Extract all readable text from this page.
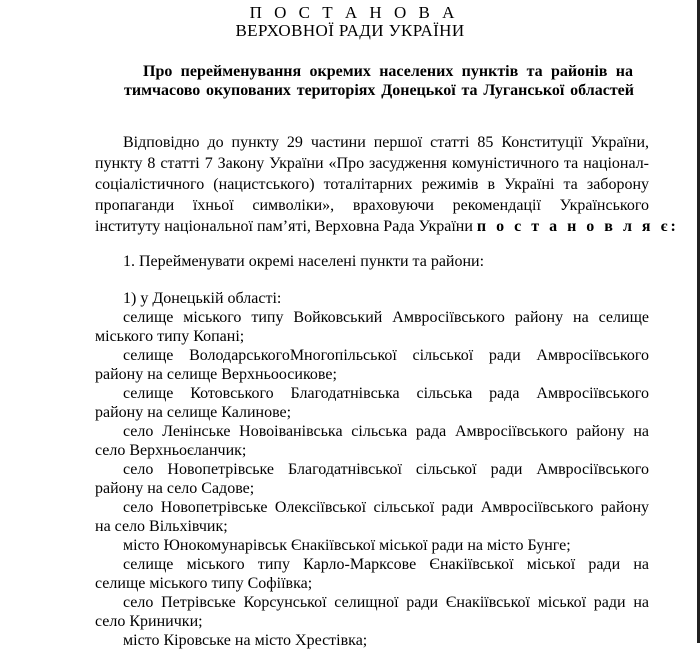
П О С Т А Н О В А
ВЕРХОВНОЇ РАДИ УКРАЇНИ
Про перейменування окремих населених пунктів та районів на
тимчасово окупованих територіях Донецької та Луганської областей
Відповідно до пункту 29 частини першої статті 85 Конституції України,
пункту 8 статті 7 Закону України «Про засудження комуністичного та націонал-
соціалістичного (нацистського) тоталітарних режимів в Україні та заборону
пропаганди їхньої символіки», враховуючи рекомендації Українського
інституту національної пам’яті, Верховна Рада України п о с т а н о в л я є:
1. Перейменувати окремі населені пункти та райони:
1) у Донецькій області:
селище міського типу Войковський Амвросіївського району на селище
міського типу Копані;
селище ВолодарськогоМногопільської сільської ради Амвросіївського
району на селище Верхньоосикове;
селище Котовського Благодатнівська сільська рада Амвросіївського
району на селище Калинове;
село Ленінське Новоіванівська сільська рада Амвросіївського району на
село Верхньоєланчик;
село Новопетрівське Благодатнівської сільської ради Амвросіївського
району на село Садове;
село Новопетрівське Олексіївської сільської ради Амвросіївського району
на село Вільхівчик;
місто Юнокомунарівськ Єнакіївської міської ради на місто Бунге;
селище міського типу Карло-Марксове Єнакіївської міської ради на
селище міського типу Софіївка;
село Петрівське Корсунської селищної ради Єнакіївської міської ради на
село Кринички;
місто Кіровське на місто Хрестівка;
